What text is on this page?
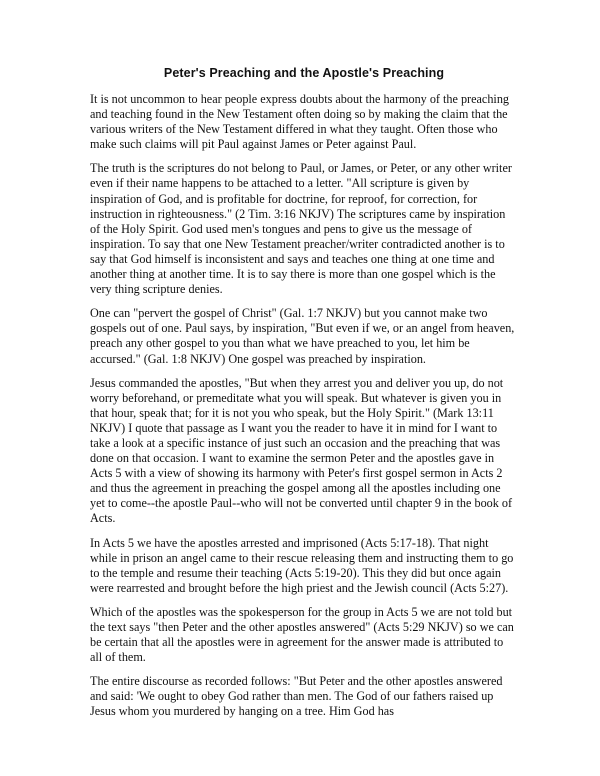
Peter's Preaching and the Apostle's Preaching

It is not uncommon to hear people express doubts about the harmony of the preaching and teaching found in the New Testament often doing so by making the claim that the various writers of the New Testament differed in what they taught. Often those who make such claims will pit Paul against James or Peter against Paul.

The truth is the scriptures do not belong to Paul, or James, or Peter, or any other writer even if their name happens to be attached to a letter. "All scripture is given by inspiration of God, and is profitable for doctrine, for reproof, for correction, for instruction in righteousness." (2 Tim. 3:16 NKJV) The scriptures came by inspiration of the Holy Spirit. God used men's tongues and pens to give us the message of inspiration. To say that one New Testament preacher/writer contradicted another is to say that God himself is inconsistent and says and teaches one thing at one time and another thing at another time. It is to say there is more than one gospel which is the very thing scripture denies.

One can "pervert the gospel of Christ" (Gal. 1:7 NKJV) but you cannot make two gospels out of one. Paul says, by inspiration, "But even if we, or an angel from heaven, preach any other gospel to you than what we have preached to you, let him be accursed." (Gal. 1:8 NKJV) One gospel was preached by inspiration.

Jesus commanded the apostles, "But when they arrest you and deliver you up, do not worry beforehand, or premeditate what you will speak. But whatever is given you in that hour, speak that; for it is not you who speak, but the Holy Spirit." (Mark 13:11 NKJV) I quote that passage as I want you the reader to have it in mind for I want to take a look at a specific instance of just such an occasion and the preaching that was done on that occasion. I want to examine the sermon Peter and the apostles gave in Acts 5 with a view of showing its harmony with Peter's first gospel sermon in Acts 2 and thus the agreement in preaching the gospel among all the apostles including one yet to come--the apostle Paul--who will not be converted until chapter 9 in the book of Acts.

In Acts 5 we have the apostles arrested and imprisoned (Acts 5:17-18). That night while in prison an angel came to their rescue releasing them and instructing them to go to the temple and resume their teaching (Acts 5:19-20). This they did but once again were rearrested and brought before the high priest and the Jewish council (Acts 5:27).

Which of the apostles was the spokesperson for the group in Acts 5 we are not told but the text says "then Peter and the other apostles answered" (Acts 5:29 NKJV) so we can be certain that all the apostles were in agreement for the answer made is attributed to all of them.

The entire discourse as recorded follows: "But Peter and the other apostles answered and said: 'We ought to obey God rather than men. The God of our fathers raised up Jesus whom you murdered by hanging on a tree. Him God has
